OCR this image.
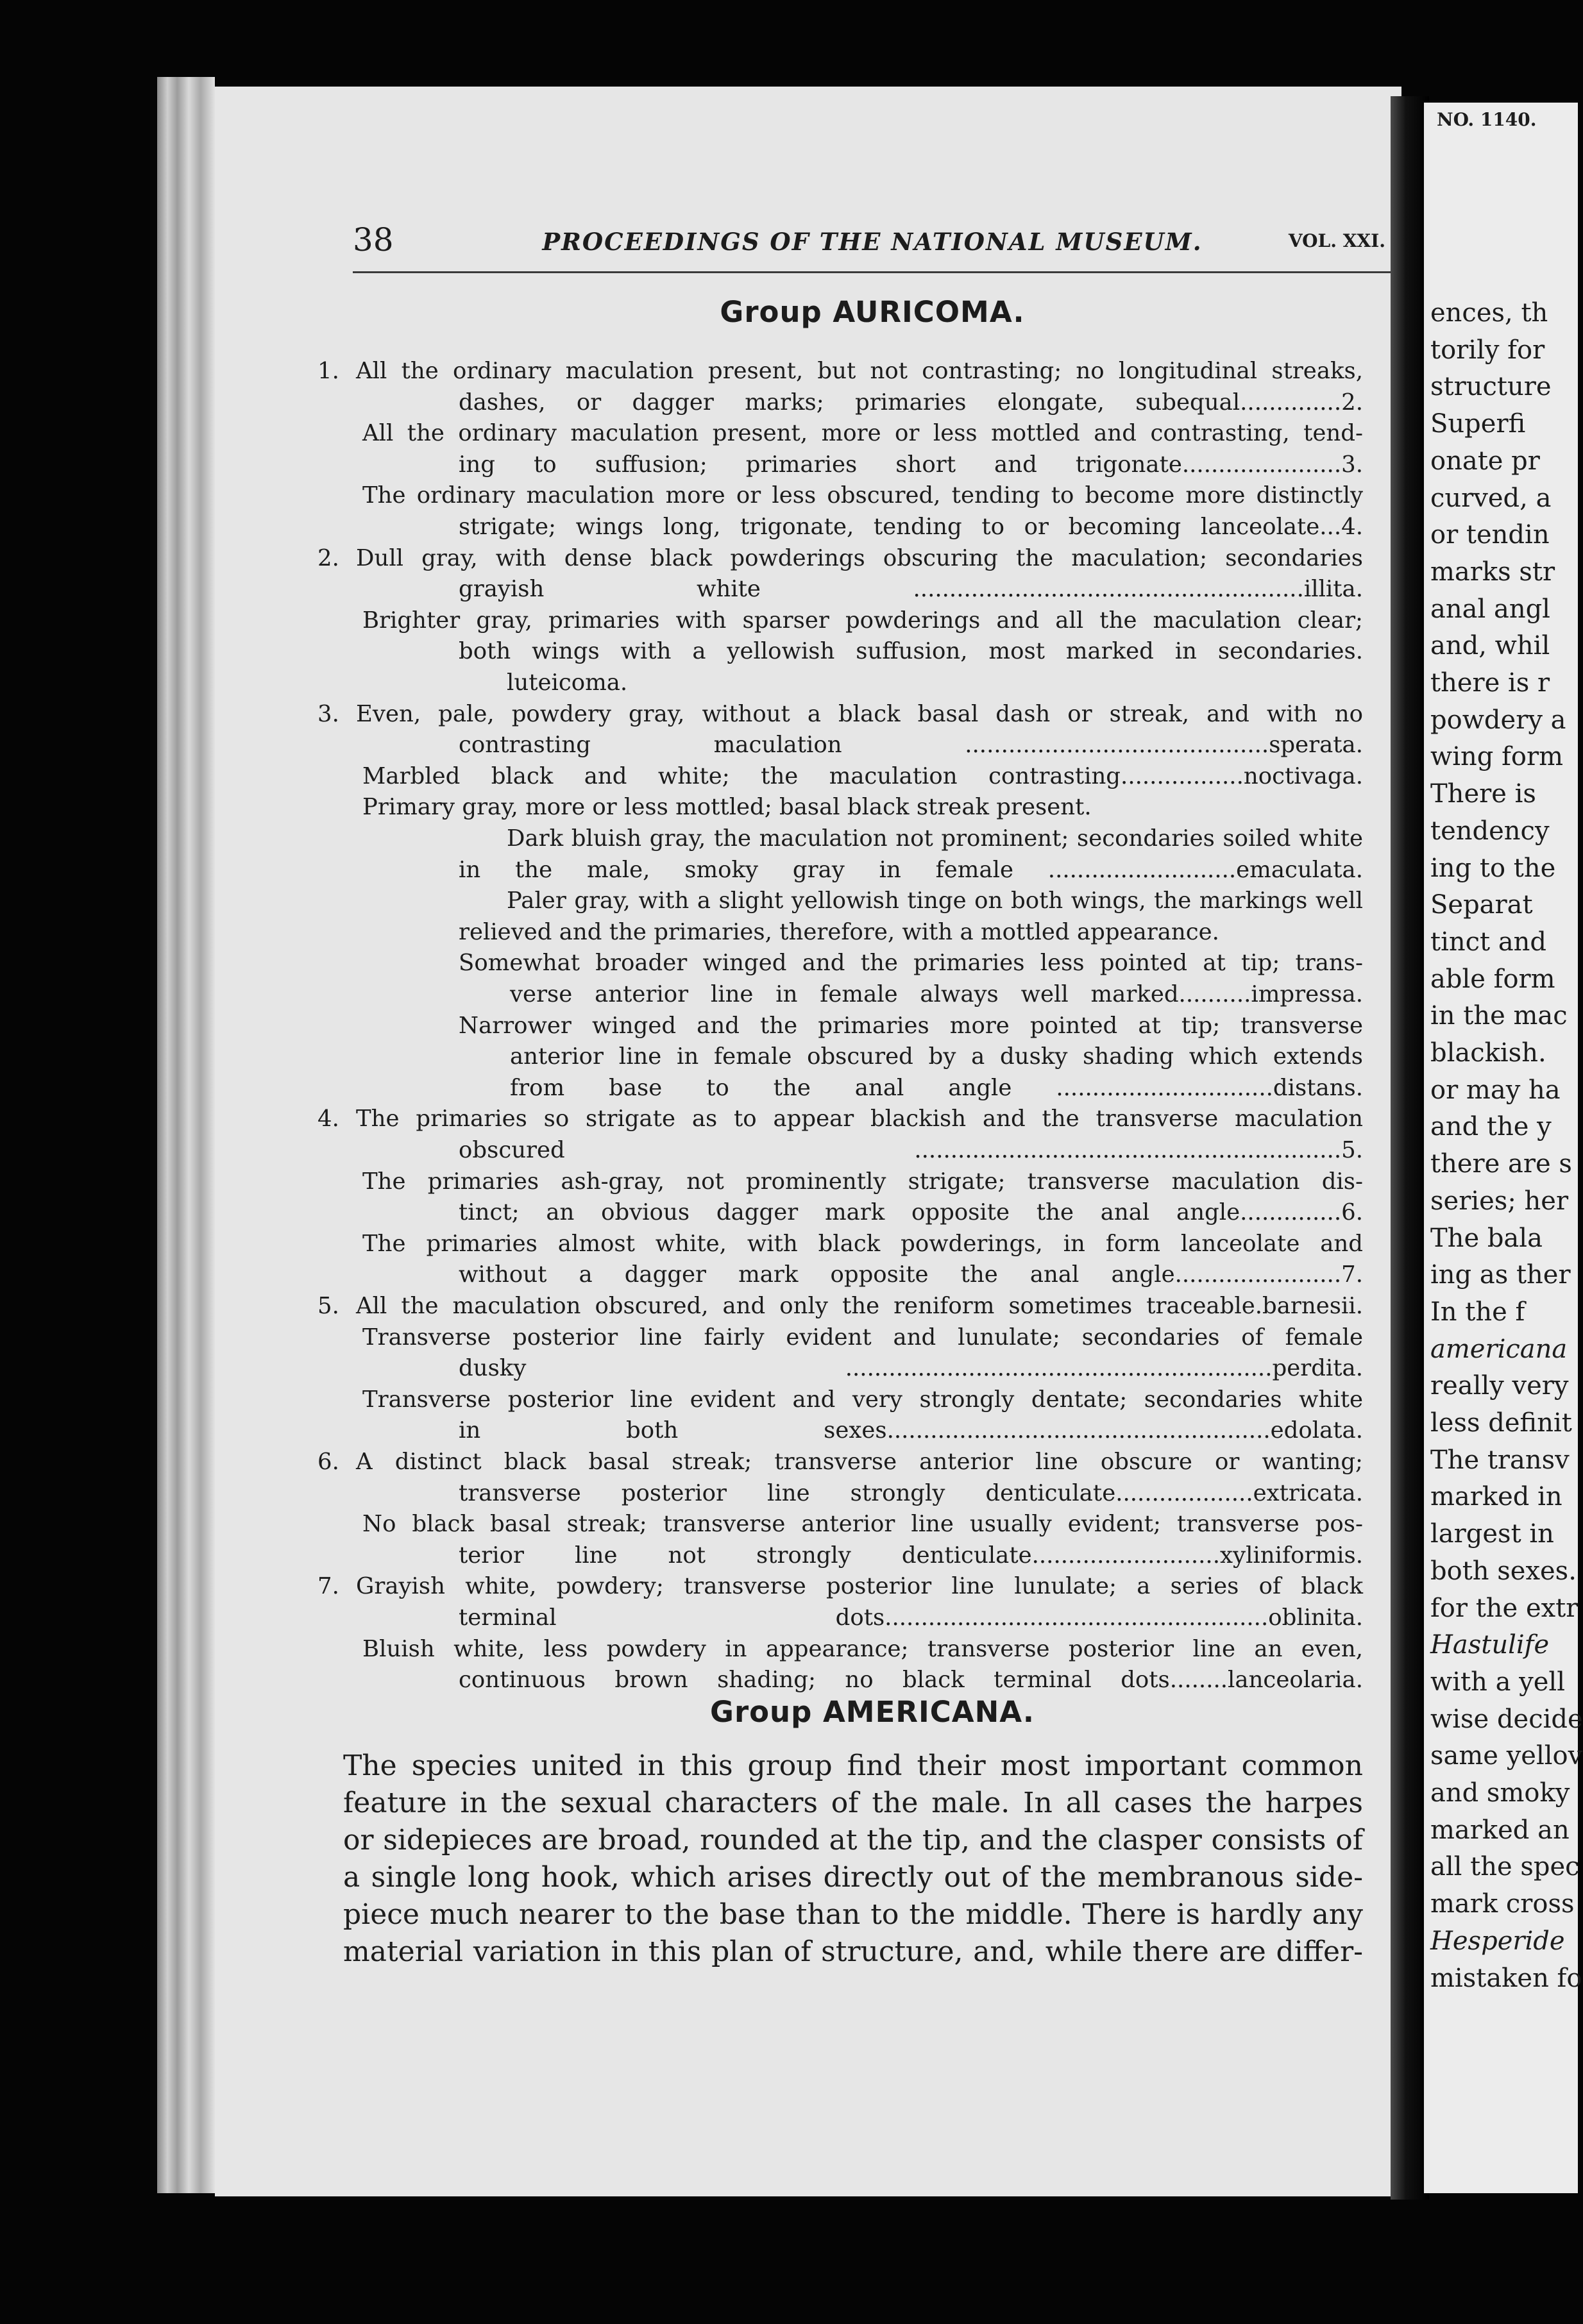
38	PROCEEDINGS OF THE NATIONAL MUSEUM.	VOL. XXI.
Group AURICOMA.
1. All the ordinary maculation present, but not contrasting; no longitudinal streaks,
dashes, or dagger marks; primaries elongate, subequal..............2.
All the ordinary maculation present, more or less mottled and contrasting, tend-
ing to suffusion; primaries short and trigonate......................3.
The ordinary maculation more or less obscured, tending to become more distinctly
strigate; wings long, trigonate, tending to or becoming lanceolate...4.
2. Dull gray, with dense black powderings obscuring the maculation; secondaries
grayish white ......................................................illita.
Brighter gray, primaries with sparser powderings and all the maculation clear;
both wings with a yellowish suffusion, most marked in secondaries.
luteicoma.
3. Even, pale, powdery gray, without a black basal dash or streak, and with no
contrasting maculation ..........................................sperata.
Marbled black and white; the maculation contrasting.................noctivaga.
Primary gray, more or less mottled; basal black streak present.
Dark bluish gray, the maculation not prominent; secondaries soiled white
in the male, smoky gray in female ..........................emaculata.
Paler gray, with a slight yellowish tinge on both wings, the markings well
relieved and the primaries, therefore, with a mottled appearance.
Somewhat broader winged and the primaries less pointed at tip; trans-
verse anterior line in female always well marked..........impressa.
Narrower winged and the primaries more pointed at tip; transverse
anterior line in female obscured by a dusky shading which extends
from base to the anal angle ..............................distans.
4. The primaries so strigate as to appear blackish and the transverse maculation
obscured ...........................................................5.
The primaries ash-gray, not prominently strigate; transverse maculation dis-
tinct; an obvious dagger mark opposite the anal angle..............6.
The primaries almost white, with black powderings, in form lanceolate and
without a dagger mark opposite the anal angle.......................7.
5. All the maculation obscured, and only the reniform sometimes traceable.barnesii.
Transverse posterior line fairly evident and lunulate; secondaries of female
dusky ...........................................................perdita.
Transverse posterior line evident and very strongly dentate; secondaries white
in both sexes.....................................................edolata.
6. A distinct black basal streak; transverse anterior line obscure or wanting;
transverse posterior line strongly denticulate...................extricata.
No black basal streak; transverse anterior line usually evident; transverse pos-
terior line not strongly denticulate..........................xyliniformis.
7. Grayish white, powdery; transverse posterior line lunulate; a series of black
terminal dots.....................................................oblinita.
Bluish white, less powdery in appearance; transverse posterior line an even,
continuous brown shading; no black terminal dots........lanceolaria.
Group AMERICANA.
The species united in this group find their most important common
feature in the sexual characters of the male. In all cases the harpes
or sidepieces are broad, rounded at the tip, and the clasper consists of
a single long hook, which arises directly out of the membranous side-
piece much nearer to the base than to the middle. There is hardly any
material variation in this plan of structure, and, while there are differ-
NO. 1140.
ences, th
torily for
structure
Superfi
onate pr
curved, a
or tendin
marks str
anal angl
and, whil
there is r
powdery a
wing form
There is
tendency
ing to the
Separat
tinct and
able form
in the mac
blackish.
or may ha
and the y
there are s
series; her
The bala
ing as ther
In the f
americana
really very
less definit
The transv
marked in
largest in
both sexes.
for the extr
Hastulife
with a yell
wise decide
same yellov
and smoky
marked an
all the spec
mark cross
Hesperide
mistaken fo
